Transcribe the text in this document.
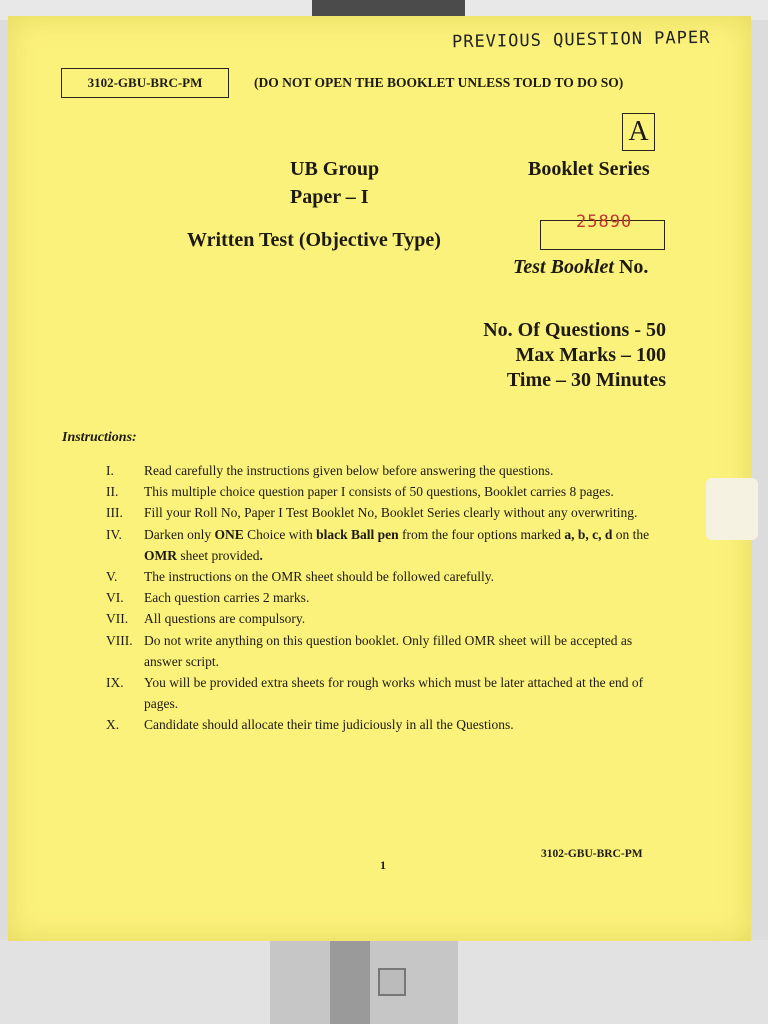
PREVIOUS QUESTION PAPER
3102-GBU-BRC-PM	(DO NOT OPEN THE BOOKLET UNLESS TOLD TO DO SO)
A
UB Group	Booklet Series
Paper – I
Written Test (Objective Type)
25890
Test Booklet No.
No. Of Questions - 50
Max Marks – 100
Time – 30 Minutes
Instructions:
I.	Read carefully the instructions given below before answering the questions.
II.	This multiple choice question paper I consists of 50 questions, Booklet carries 8 pages.
III.	Fill your Roll No, Paper I Test Booklet No, Booklet Series clearly without any overwriting.
IV.	Darken only ONE Choice with black Ball pen from the four options marked a, b, c, d on the OMR sheet provided.
V.	The instructions on the OMR sheet should be followed carefully.
VI.	Each question carries 2 marks.
VII.	All questions are compulsory.
VIII. Do not write anything on this question booklet. Only filled OMR sheet will be accepted as answer script.
IX.	You will be provided extra sheets for rough works which must be later attached at the end of pages.
X.	Candidate should allocate their time judiciously in all the Questions.
1
3102-GBU-BRC-PM
